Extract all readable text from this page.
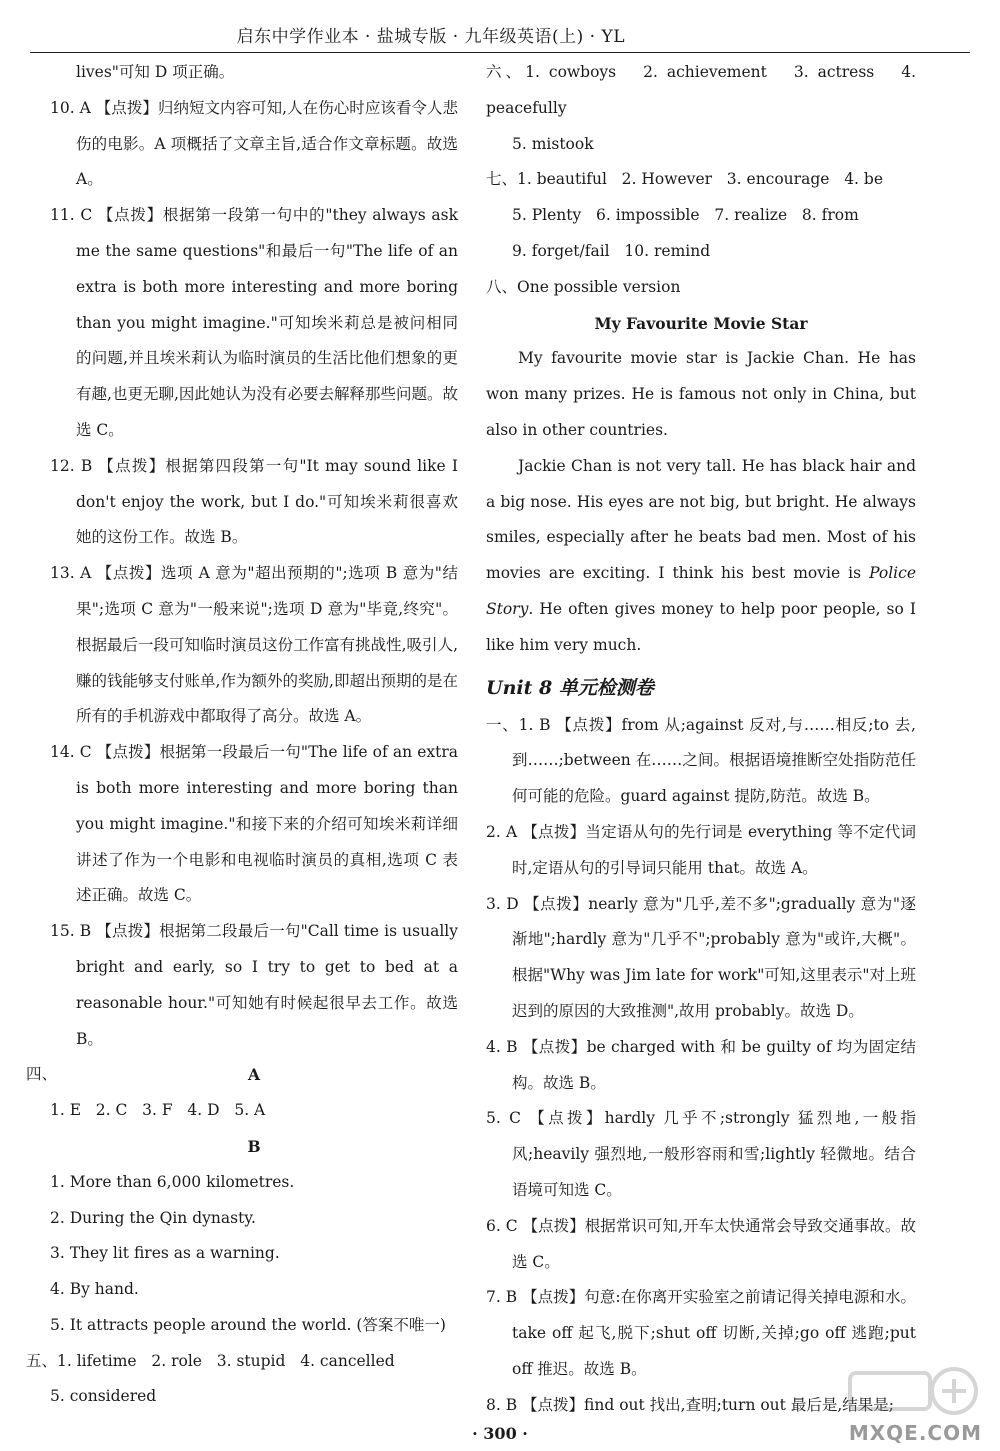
启东中学作业本 · 盐城专版 · 九年级英语(上) · YL

lives"可知 D 项正确。

10. A 【点拨】归纳短文内容可知,人在伤心时应该看令人悲伤的电影。A 项概括了文章主旨,适合作文章标题。故选 A。

11. C 【点拨】根据第一段第一句中的"they always ask me the same questions"和最后一句"The life of an extra is both more interesting and more boring than you might imagine."可知埃米莉总是被问相同的问题,并且埃米莉认为临时演员的生活比他们想象的更有趣,也更无聊,因此她认为没有必要去解释那些问题。故选 C。

12. B 【点拨】根据第四段第一句"It may sound like I don't enjoy the work, but I do."可知埃米莉很喜欢她的这份工作。故选 B。

13. A 【点拨】选项 A 意为"超出预期的";选项 B 意为"结果";选项 C 意为"一般来说";选项 D 意为"毕竟,终究"。根据最后一段可知临时演员这份工作富有挑战性,吸引人,赚的钱能够支付账单,作为额外的奖励,即超出预期的是在所有的手机游戏中都取得了高分。故选 A。

14. C 【点拨】根据第一段最后一句"The life of an extra is both more interesting and more boring than you might imagine."和接下来的介绍可知埃米莉详细讲述了作为一个电影和电视临时演员的真相,选项 C 表述正确。故选 C。

15. B 【点拨】根据第二段最后一句"Call time is usually bright and early, so I try to get to bed at a reasonable hour."可知她有时候起很早去工作。故选 B。

四、	A

1. E   2. C   3. F   4. D   5. A

B

1. More than 6,000 kilometres.

2. During the Qin dynasty.

3. They lit fires as a warning.

4. By hand.

5. It attracts people around the world. (答案不唯一)

五、1. lifetime   2. role   3. stupid   4. cancelled

5. considered

六、1. cowboys   2. achievement   3. actress   4. peacefully

5. mistook

七、1. beautiful   2. However   3. encourage   4. be

5. Plenty   6. impossible   7. realize   8. from

9. forget/fail   10. remind

八、One possible version

My Favourite Movie Star

My favourite movie star is Jackie Chan. He has won many prizes. He is famous not only in China, but also in other countries.

Jackie Chan is not very tall. He has black hair and a big nose. His eyes are not big, but bright. He always smiles, especially after he beats bad men. Most of his movies are exciting. I think his best movie is Police Story. He often gives money to help poor people, so I like him very much.

Unit 8 单元检测卷

一、1. B 【点拨】from 从;against 反对,与……相反;to 去,到……;between 在……之间。根据语境推断空处指防范任何可能的危险。guard against 提防,防范。故选 B。

2. A 【点拨】当定语从句的先行词是 everything 等不定代词时,定语从句的引导词只能用 that。故选 A。

3. D 【点拨】nearly 意为"几乎,差不多";gradually 意为"逐渐地";hardly 意为"几乎不";probably 意为"或许,大概"。根据"Why was Jim late for work"可知,这里表示"对上班迟到的原因的大致推测",故用 probably。故选 D。

4. B 【点拨】be charged with 和 be guilty of 均为固定结构。故选 B。

5. C 【点拨】hardly 几乎不;strongly 猛烈地,一般指风;heavily 强烈地,一般形容雨和雪;lightly 轻微地。结合语境可知选 C。

6. C 【点拨】根据常识可知,开车太快通常会导致交通事故。故选 C。

7. B 【点拨】句意:在你离开实验室之前请记得关掉电源和水。take off 起飞,脱下;shut off 切断,关掉;go off 逃跑;put off 推迟。故选 B。

8. B 【点拨】find out 找出,查明;turn out 最后是,结果是;

· 300 ·	MXQE.COM
